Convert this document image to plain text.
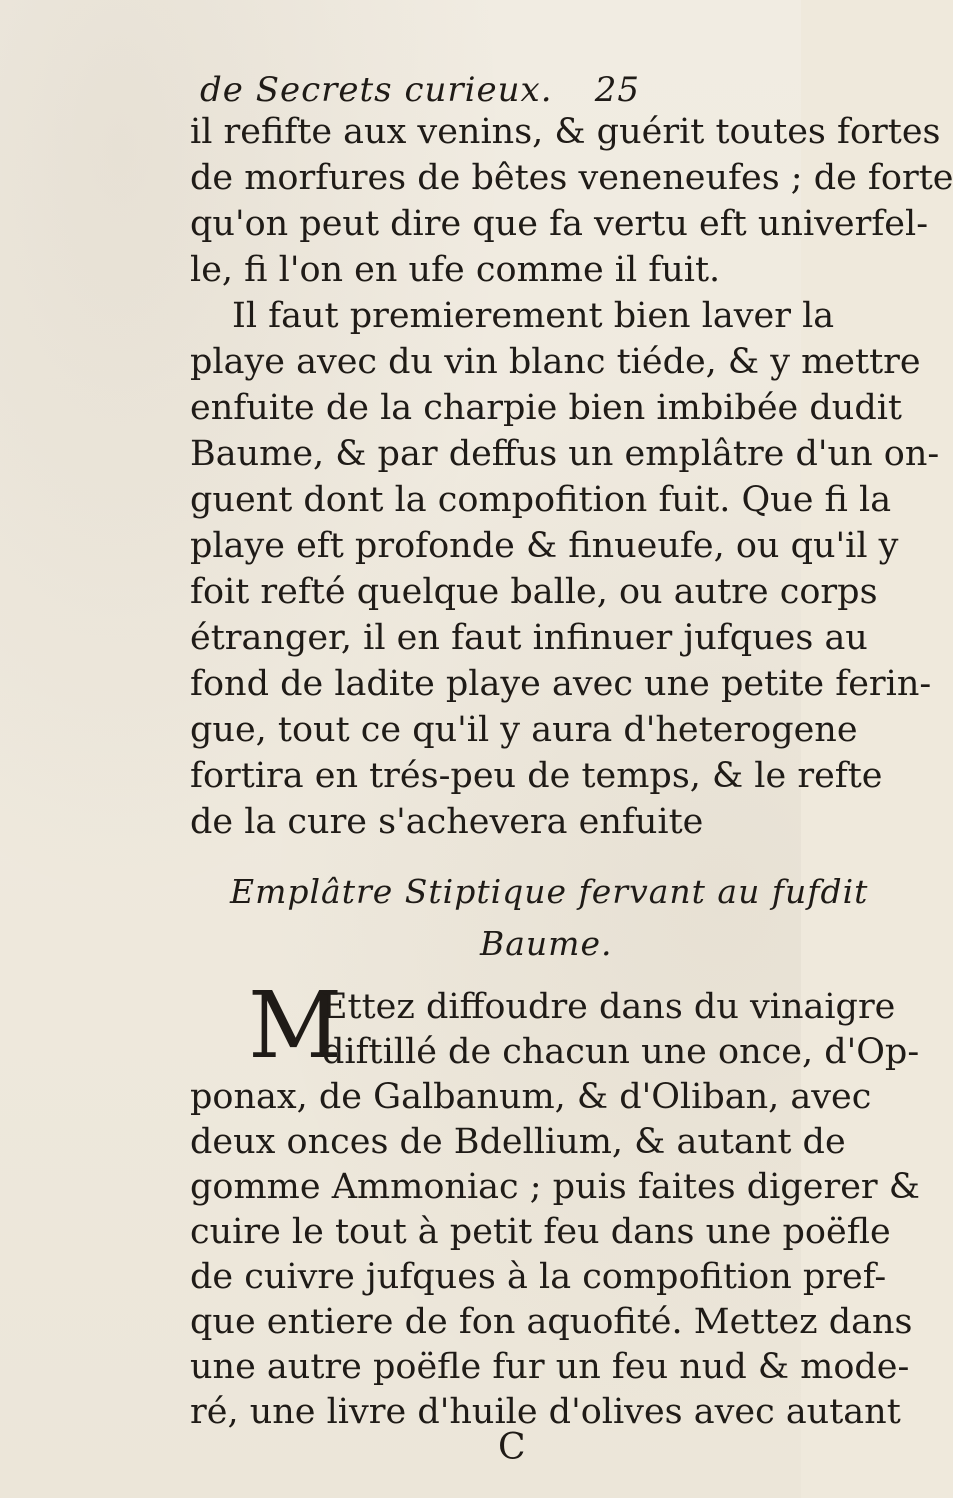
de Secrets curieux. 25
il refifte aux venins, & guérit toutes fortes
de morfures de bêtes veneneufes ; de forte
qu'on peut dire que fa vertu eft univerfel-
le, fi l'on en ufe comme il fuit.
Il faut premierement bien laver la
playe avec du vin blanc tiéde, & y mettre
enfuite de la charpie bien imbibée dudit
Baume, & par deffus un emplâtre d'un on-
guent dont la compofition fuit. Que fi la
playe eft profonde & finueufe, ou qu'il y
foit refté quelque balle, ou autre corps
étranger, il en faut infinuer jufques au
fond de ladite playe avec une petite ferin-
gue, tout ce qu'il y aura d'heterogene
fortira en trés-peu de temps, & le refte
de la cure s'achevera enfuite
Emplâtre Stiptique fervant au fufdit
Baume.
M
Ettez diffoudre dans du vinaigre
diftillé de chacun une once, d'Op-
ponax, de Galbanum, & d'Oliban, avec
deux onces de Bdellium, & autant de
gomme Ammoniac ; puis faites digerer &
cuire le tout à petit feu dans une poëfle
de cuivre jufques à la compofition pref-
que entiere de fon aquofité. Mettez dans
une autre poëfle fur un feu nud & mode-
ré, une livre d'huile d'olives avec autant
C
